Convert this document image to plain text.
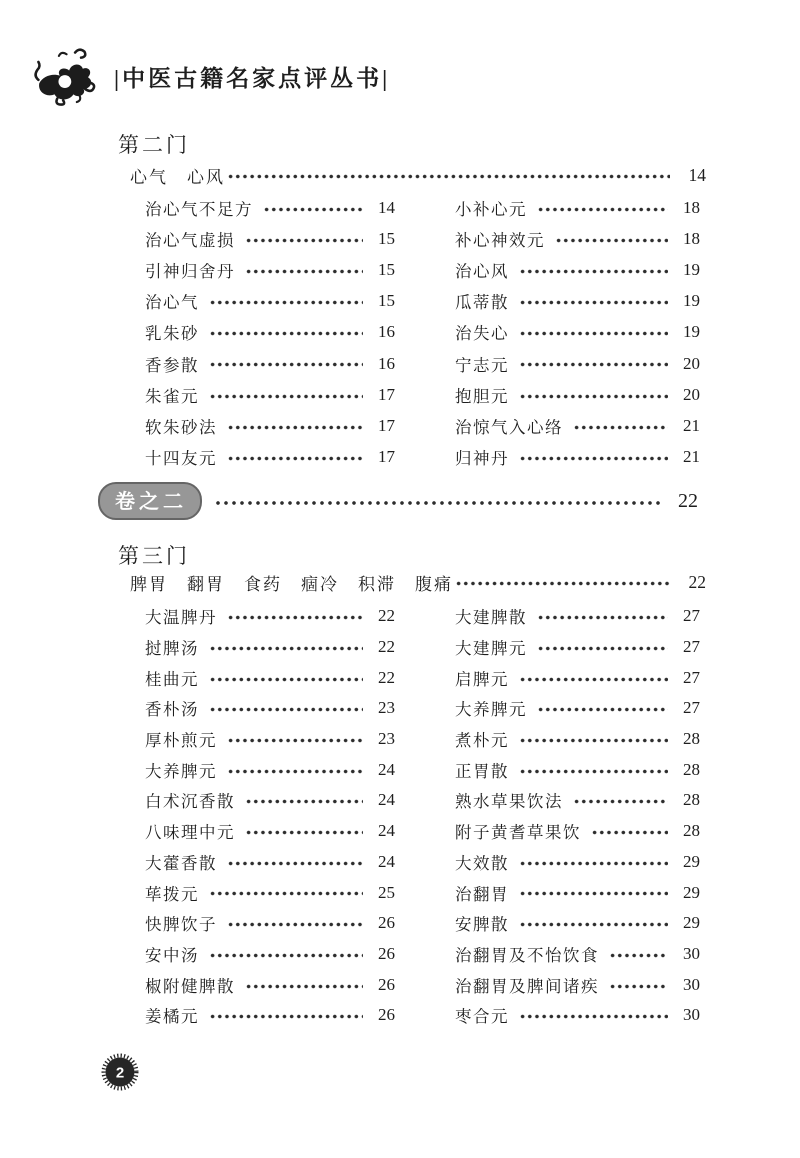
|中医古籍名家点评丛书|
第二门
心气　心风	14
治心气不足方	14
治心气虚损	15
引神归舍丹	15
治心气	15
乳朱砂	16
香参散	16
朱雀元	17
软朱砂法	17
十四友元	17
小补心元	18
补心神效元	18
治心风	19
瓜蒂散	19
治失心	19
宁志元	20
抱胆元	20
治惊气入心络	21
归神丹	21
卷之二	22
第三门
脾胃　翻胃　食药　痼冷　积滞　腹痛	22
大温脾丹	22
挝脾汤	22
桂曲元	22
香朴汤	23
厚朴煎元	23
大养脾元	24
白术沉香散	24
八味理中元	24
大藿香散	24
荜拨元	25
快脾饮子	26
安中汤	26
椒附健脾散	26
姜橘元	26
大建脾散	27
大建脾元	27
启脾元	27
大养脾元	27
煮朴元	28
正胃散	28
熟水草果饮法	28
附子黄耆草果饮	28
大效散	29
治翻胃	29
安脾散	29
治翻胃及不怡饮食	30
治翻胃及脾间诸疾	30
枣合元	30
2
